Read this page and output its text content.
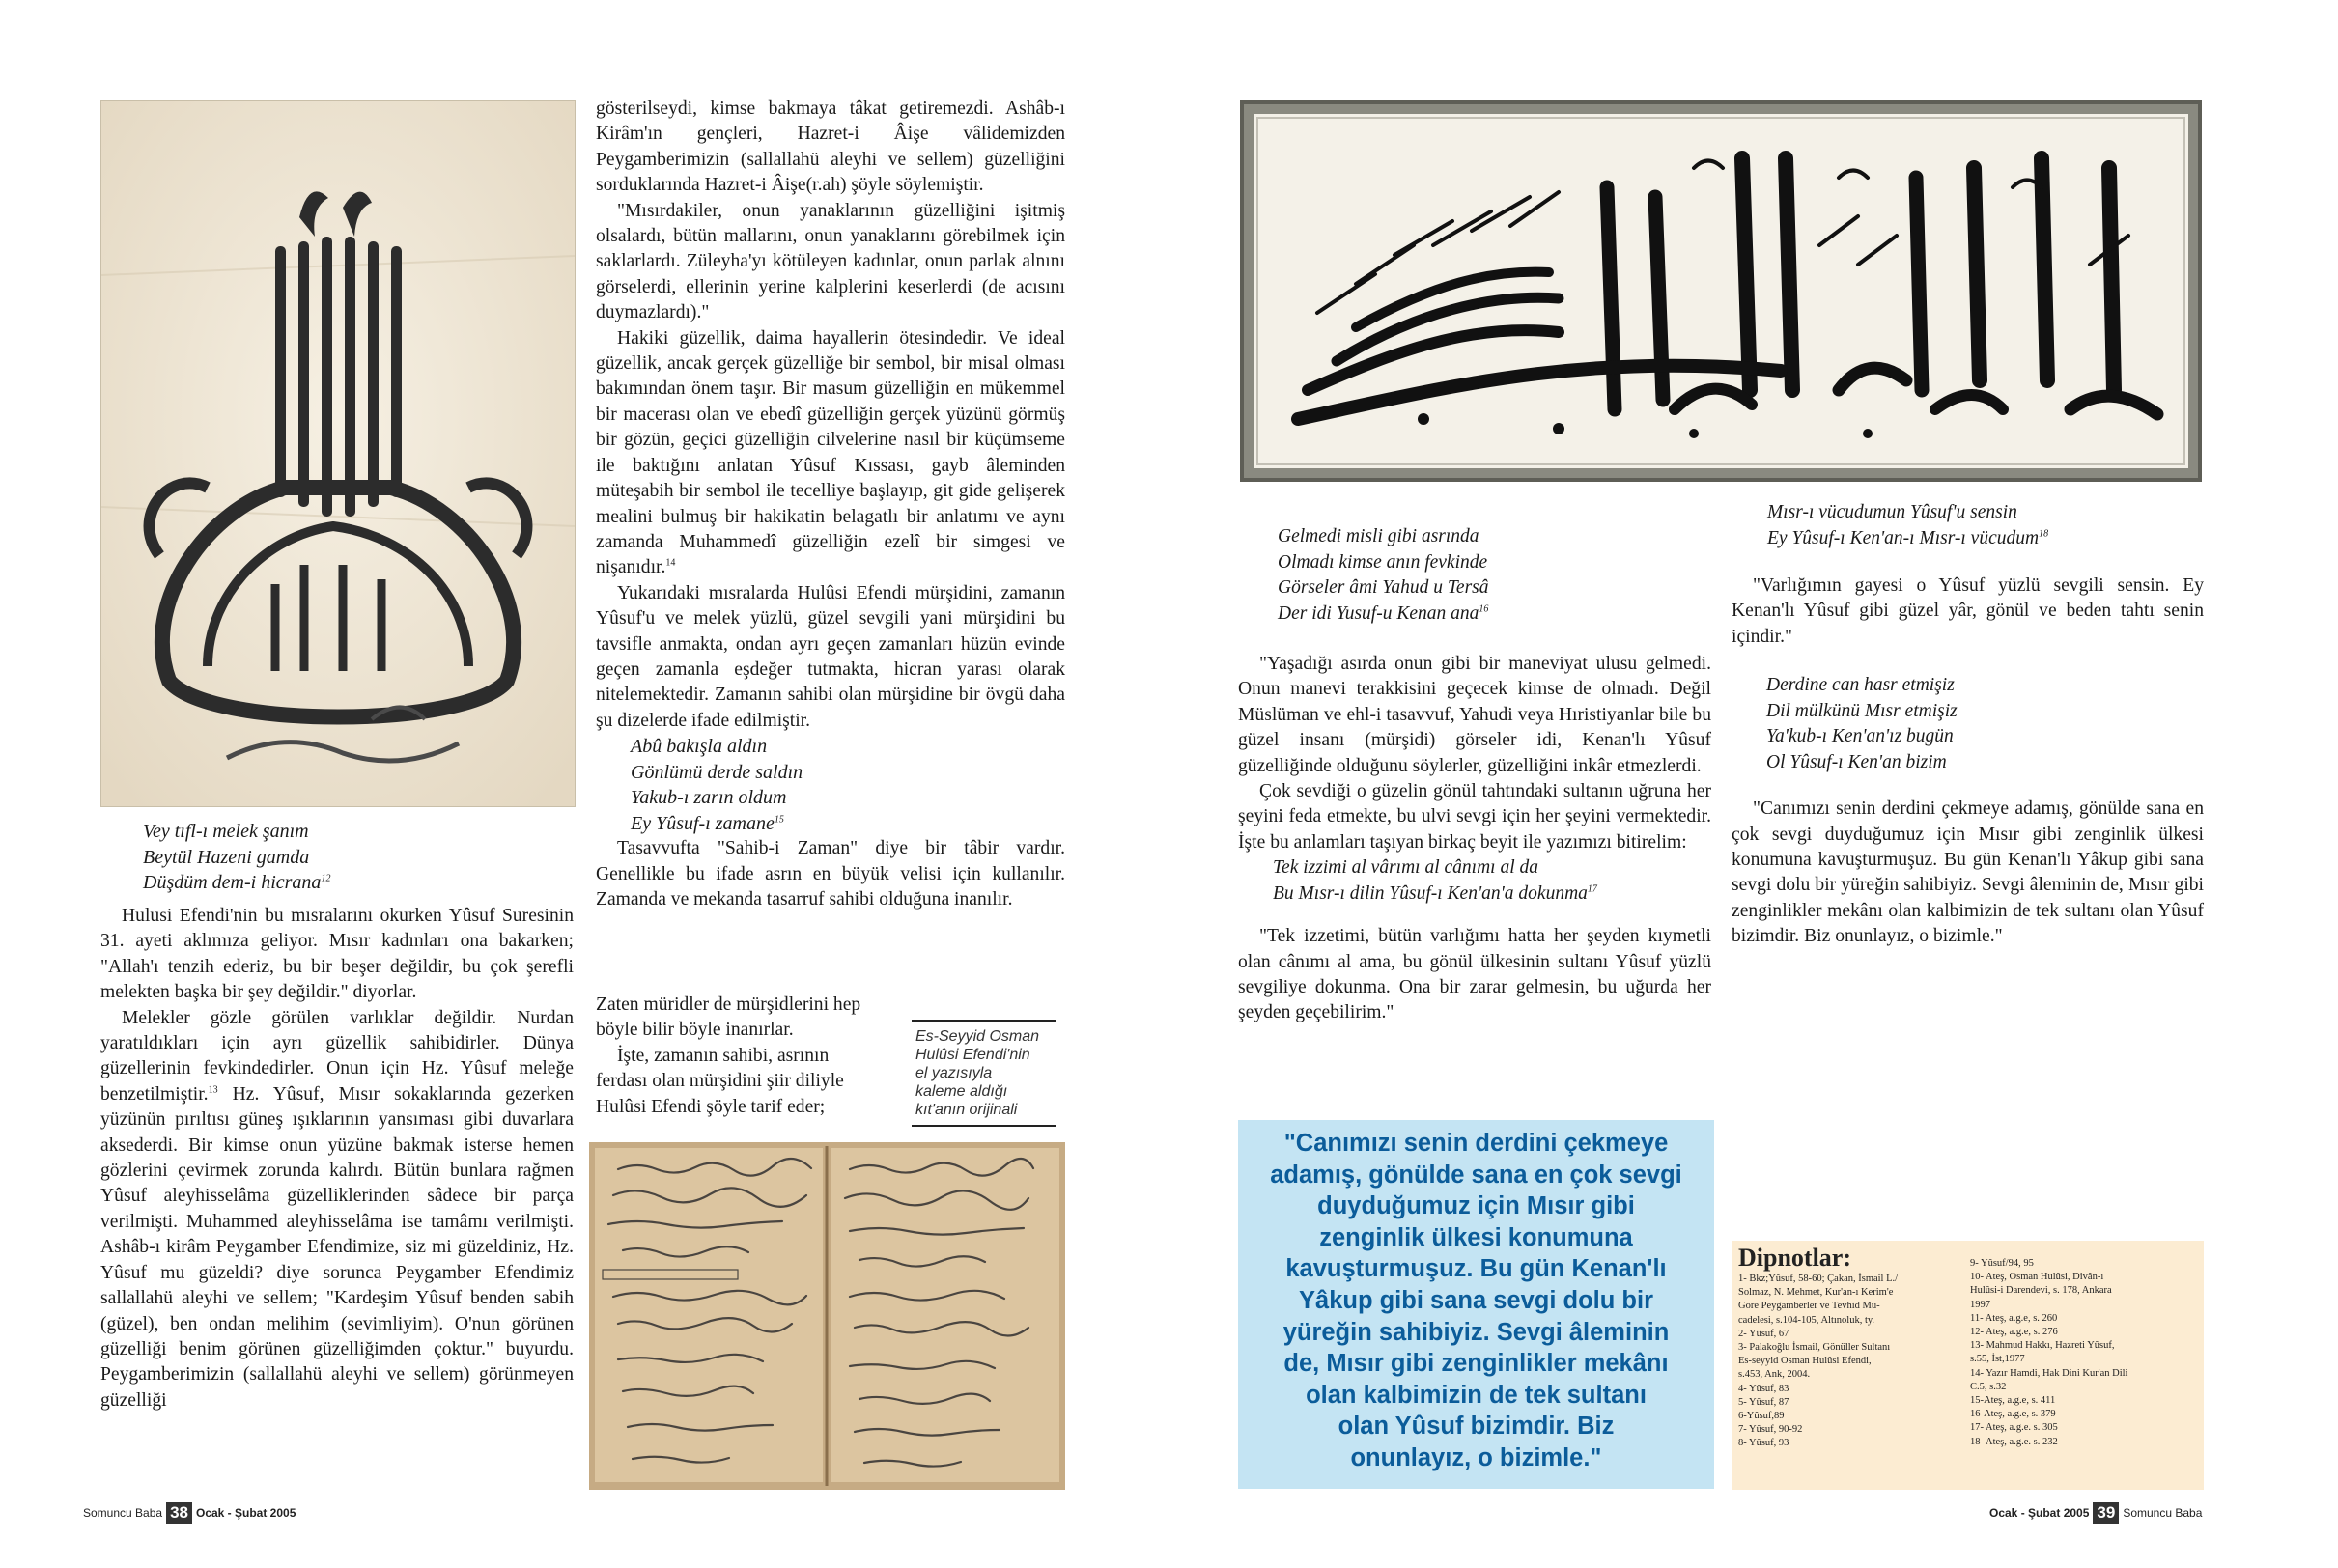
Vey tıfl-ı melek şanım
Beytül Hazeni gamda
Düşdüm dem-i hicrana$^{12}$

Hulusi Efendi'nin bu mısralarını okurken Yûsuf Suresinin 31. ayeti aklımıza geliyor. Mısır kadınları ona bakarken; "Allah'ı tenzih ederiz, bu bir beşer değildir, bu çok şerefli melekten başka bir şey değildir." diyorlar.

Melekler gözle görülen varlıklar değildir. Nurdan yaratıldıkları için ayrı güzellik sahibidirler. Dünya güzellerinin fevkindedirler. Onun için Hz. Yûsuf meleğe benzetilmiştir.$^{13}$ Hz. Yûsuf, Mısır sokaklarında gezerken yüzünün pırıltısı güneş ışıklarının yansıması gibi duvarlara aksederdi. Bir kimse onun yüzüne bakmak isterse hemen gözlerini çevirmek zorunda kalırdı. Bütün bunlara rağmen Yûsuf aleyhisselâma güzelliklerinden sâdece bir parça verilmişti. Muhammed aleyhisselâma ise tamâmı verilmişti. Ashâb-ı kirâm Peygamber Efendimize, siz mi güzeldiniz, Hz. Yûsuf mu güzeldi? diye sorunca Peygamber Efendimiz sallallahü aleyhi ve sellem; "Kardeşim Yûsuf benden sabih (güzel), ben ondan melihim (sevimliyim). O'nun görünen güzelliği benim görünen güzelliğimden çoktur." buyurdu. Peygamberimizin (sallallahü aleyhi ve sellem) görünmeyen güzelliği

gösterilseydi, kimse bakmaya tâkat getiremezdi. Ashâb-ı Kirâm'ın gençleri, Hazret-i Âişe vâlidemizden Peygamberimizin (sallallahü aleyhi ve sellem) güzelliğini sorduklarında Hazret-i Âişe(r.ah) şöyle söylemiştir.

"Mısırdakiler, onun yanaklarının güzelliğini işitmiş olsalardı, bütün mallarını, onun yanaklarını görebilmek için saklarlardı. Züleyha'yı kötüleyen kadınlar, onun parlak alnını görselerdi, ellerinin yerine kalplerini keserlerdi (de acısını duymazlardı)."

Hakiki güzellik, daima hayallerin ötesindedir. Ve ideal güzellik, ancak gerçek güzelliğe bir sembol, bir misal olması bakımından önem taşır. Bir masum güzelliğin en mükemmel bir macerası olan ve ebedî güzelliğin gerçek yüzünü görmüş bir gözün, geçici güzelliğin cilvelerine nasıl bir küçümseme ile baktığını anlatan Yûsuf Kıssası, gayb âleminden müteşabih bir sembol ile tecelliye başlayıp, git gide gelişerek mealini bulmuş bir hakikatin belagatlı bir anlatımı ve aynı zamanda Muhammedî güzelliğin ezelî bir simgesi ve nişanıdır.$^{14}$

Yukarıdaki mısralarda Hulûsi Efendi mürşidini, zamanın Yûsuf'u ve melek yüzlü, güzel sevgili yani mürşidini bu tavsifle anmakta, ondan ayrı geçen zamanları hüzün evinde geçen zamanla eşdeğer tutmakta, hicran yarası olarak nitelemektedir. Zamanın sahibi olan mürşidine bir övgü daha şu dizelerde ifade edilmiştir.

Abû bakışla aldın
Gönlümü derde saldın
Yakub-ı zarın oldum
Ey Yûsuf-ı zamane$^{15}$

Tasavvufta "Sahib-i Zaman" diye bir tâbir vardır. Genellikle bu ifade asrın en büyük velisi için kullanılır. Zamanda ve mekanda tasarruf sahibi olduğuna inanılır.

Zaten müridler de mürşidlerini hep
böyle bilir böyle inanırlar.
İşte, zamanın sahibi, asrının
ferdası olan mürşidini şiir diliyle
Hulûsi Efendi şöyle tarif eder;
Es-Seyyid Osman
Hulûsi Efendi'nin
el yazısıyla
kaleme aldığı
kıt'anın orijinali
Somuncu Baba 38 Ocak - Şubat 2005
Gelmedi misli gibi asrında
Olmadı kimse anın fevkinde
Görseler âmi Yahud u Tersâ
Der idi Yusuf-u Kenan ana$^{16}$

"Yaşadığı asırda onun gibi bir maneviyat ulusu gelmedi. Onun manevi terakkisini geçecek kimse de olmadı. Değil Müslüman ve ehl-i tasavvuf, Yahudi veya Hıristiyanlar bile bu güzel insanı (mürşidi) görseler idi, Kenan'lı Yûsuf güzelliğinde olduğunu söylerler, güzelliğini inkâr etmezlerdi.

Çok sevdiği o güzelin gönül tahtındaki sultanın uğruna her şeyini feda etmekte, bu ulvi sevgi için her şeyini vermektedir. İşte bu anlamları taşıyan birkaç beyit ile yazımızı bitirelim:

Tek izzimi al vârımı al cânımı al da
Bu Mısr-ı dilin Yûsuf-ı Ken'an'a dokunma$^{17}$

"Tek izzetimi, bütün varlığımı hatta her şeyden kıymetli olan cânımı al ama, bu gönül ülkesinin sultanı Yûsuf yüzlü sevgiliye dokunma. Ona bir zarar gelmesin, bu uğurda her şeyden geçebilirim."

Mısr-ı vücudumun Yûsuf'u sensin
Ey Yûsuf-ı Ken'an-ı Mısr-ı vücudum$^{18}$

"Varlığımın gayesi o Yûsuf yüzlü sevgili sensin. Ey Kenan'lı Yûsuf gibi güzel yâr, gönül ve beden tahtı senin içindir."

Derdine can hasr etmişiz
Dil mülkünü Mısr etmişiz
Ya'kub-ı Ken'an'ız bugün
Ol Yûsuf-ı Ken'an bizim

"Canımızı senin derdini çekmeye adamış, gönülde sana en çok sevgi duyduğumuz için Mısır gibi zenginlik ülkesi konumuna kavuşturmuşuz. Bu gün Kenan'lı Yâkup gibi sana sevgi dolu bir yüreğin sahibiyiz. Sevgi âleminin de, Mısır gibi zenginlikler mekânı olan kalbimizin de tek sultanı olan Yûsuf bizimdir. Biz onunlayız, o bizimle."

"Canımızı senin derdini çekmeye
adamış, gönülde sana en çok sevgi
duyduğumuz için Mısır gibi
zenginlik ülkesi konumuna
kavuşturmuşuz. Bu gün Kenan'lı
Yâkup gibi sana sevgi dolu bir
yüreğin sahibiyiz. Sevgi âleminin
de, Mısır gibi zenginlikler mekânı
olan kalbimizin de tek sultanı
olan Yûsuf bizimdir. Biz
onunlayız, o bizimle."
Dipnotlar:
1- Bkz;Yûsuf, 58-60; Çakan, İsmail L./
Solmaz, N. Mehmet, Kur'an-ı Kerim'e
Göre Peygamberler ve Tevhid Mü-
cadelesi, s.104-105, Altınoluk, ty.
2- Yûsuf, 67
3- Palakoğlu İsmail, Gönüller Sultanı
Es-seyyid Osman Hulûsi Efendi,
s.453, Ank, 2004.
4- Yûsuf, 83
5- Yûsuf, 87
6-Yûsuf,89
7- Yûsuf, 90-92
8- Yûsuf, 93
9- Yûsuf/94, 95
10- Ateş, Osman Hulûsi, Divân-ı
Hulûsi-i Darendevi, s. 178, Ankara
1997
11- Ateş, a.g.e, s. 260
12- Ateş, a.g.e, s. 276
13- Mahmud Hakkı, Hazreti Yûsuf,
s.55, İst,1977
14- Yazır Hamdi, Hak Dini Kur'an Dili
C.5, s.32
15-Ateş, a.g.e, s. 411
16-Ateş, a.g.e, s. 379
17- Ateş, a.g.e. s. 305
18- Ateş, a.g.e. s. 232
Ocak - Şubat 2005 39 Somuncu Baba
